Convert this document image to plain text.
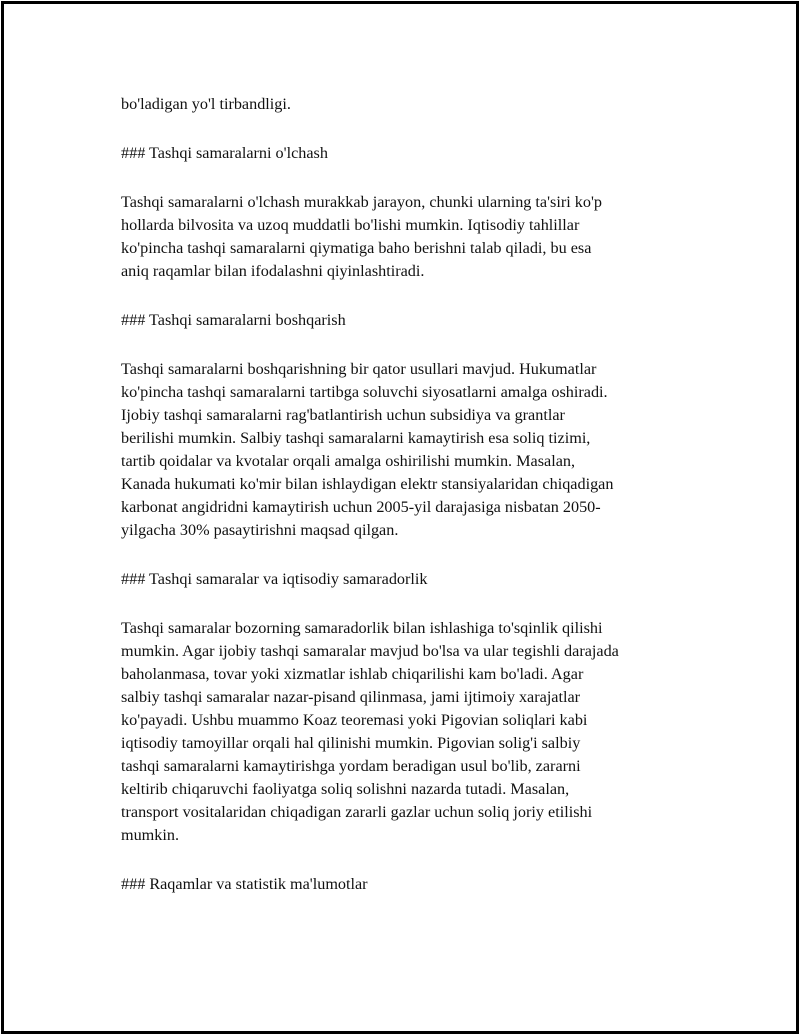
bo'ladigan yo'l tirbandligi.

### Tashqi samaralarni o'lchash

Tashqi samaralarni o'lchash murakkab jarayon, chunki ularning ta'siri ko'p
hollarda bilvosita va uzoq muddatli bo'lishi mumkin. Iqtisodiy tahlillar
ko'pincha tashqi samaralarni qiymatiga baho berishni talab qiladi, bu esa
aniq raqamlar bilan ifodalashni qiyinlashtiradi.

### Tashqi samaralarni boshqarish

Tashqi samaralarni boshqarishning bir qator usullari mavjud. Hukumatlar
ko'pincha tashqi samaralarni tartibga soluvchi siyosatlarni amalga oshiradi.
Ijobiy tashqi samaralarni rag'batlantirish uchun subsidiya va grantlar
berilishi mumkin. Salbiy tashqi samaralarni kamaytirish esa soliq tizimi,
tartib qoidalar va kvotalar orqali amalga oshirilishi mumkin. Masalan,
Kanada hukumati ko'mir bilan ishlaydigan elektr stansiyalaridan chiqadigan
karbonat angidridni kamaytirish uchun 2005-yil darajasiga nisbatan 2050-
yilgacha 30% pasaytirishni maqsad qilgan.

### Tashqi samaralar va iqtisodiy samaradorlik

Tashqi samaralar bozorning samaradorlik bilan ishlashiga to'sqinlik qilishi
mumkin. Agar ijobiy tashqi samaralar mavjud bo'lsa va ular tegishli darajada
baholanmasa, tovar yoki xizmatlar ishlab chiqarilishi kam bo'ladi. Agar
salbiy tashqi samaralar nazar-pisand qilinmasa, jami ijtimoiy xarajatlar
ko'payadi. Ushbu muammo Koaz teoremasi yoki Pigovian soliqlari kabi
iqtisodiy tamoyillar orqali hal qilinishi mumkin. Pigovian solig'i salbiy
tashqi samaralarni kamaytirishga yordam beradigan usul bo'lib, zararni
keltirib chiqaruvchi faoliyatga soliq solishni nazarda tutadi. Masalan,
transport vositalaridan chiqadigan zararli gazlar uchun soliq joriy etilishi
mumkin.

### Raqamlar va statistik ma'lumotlar
